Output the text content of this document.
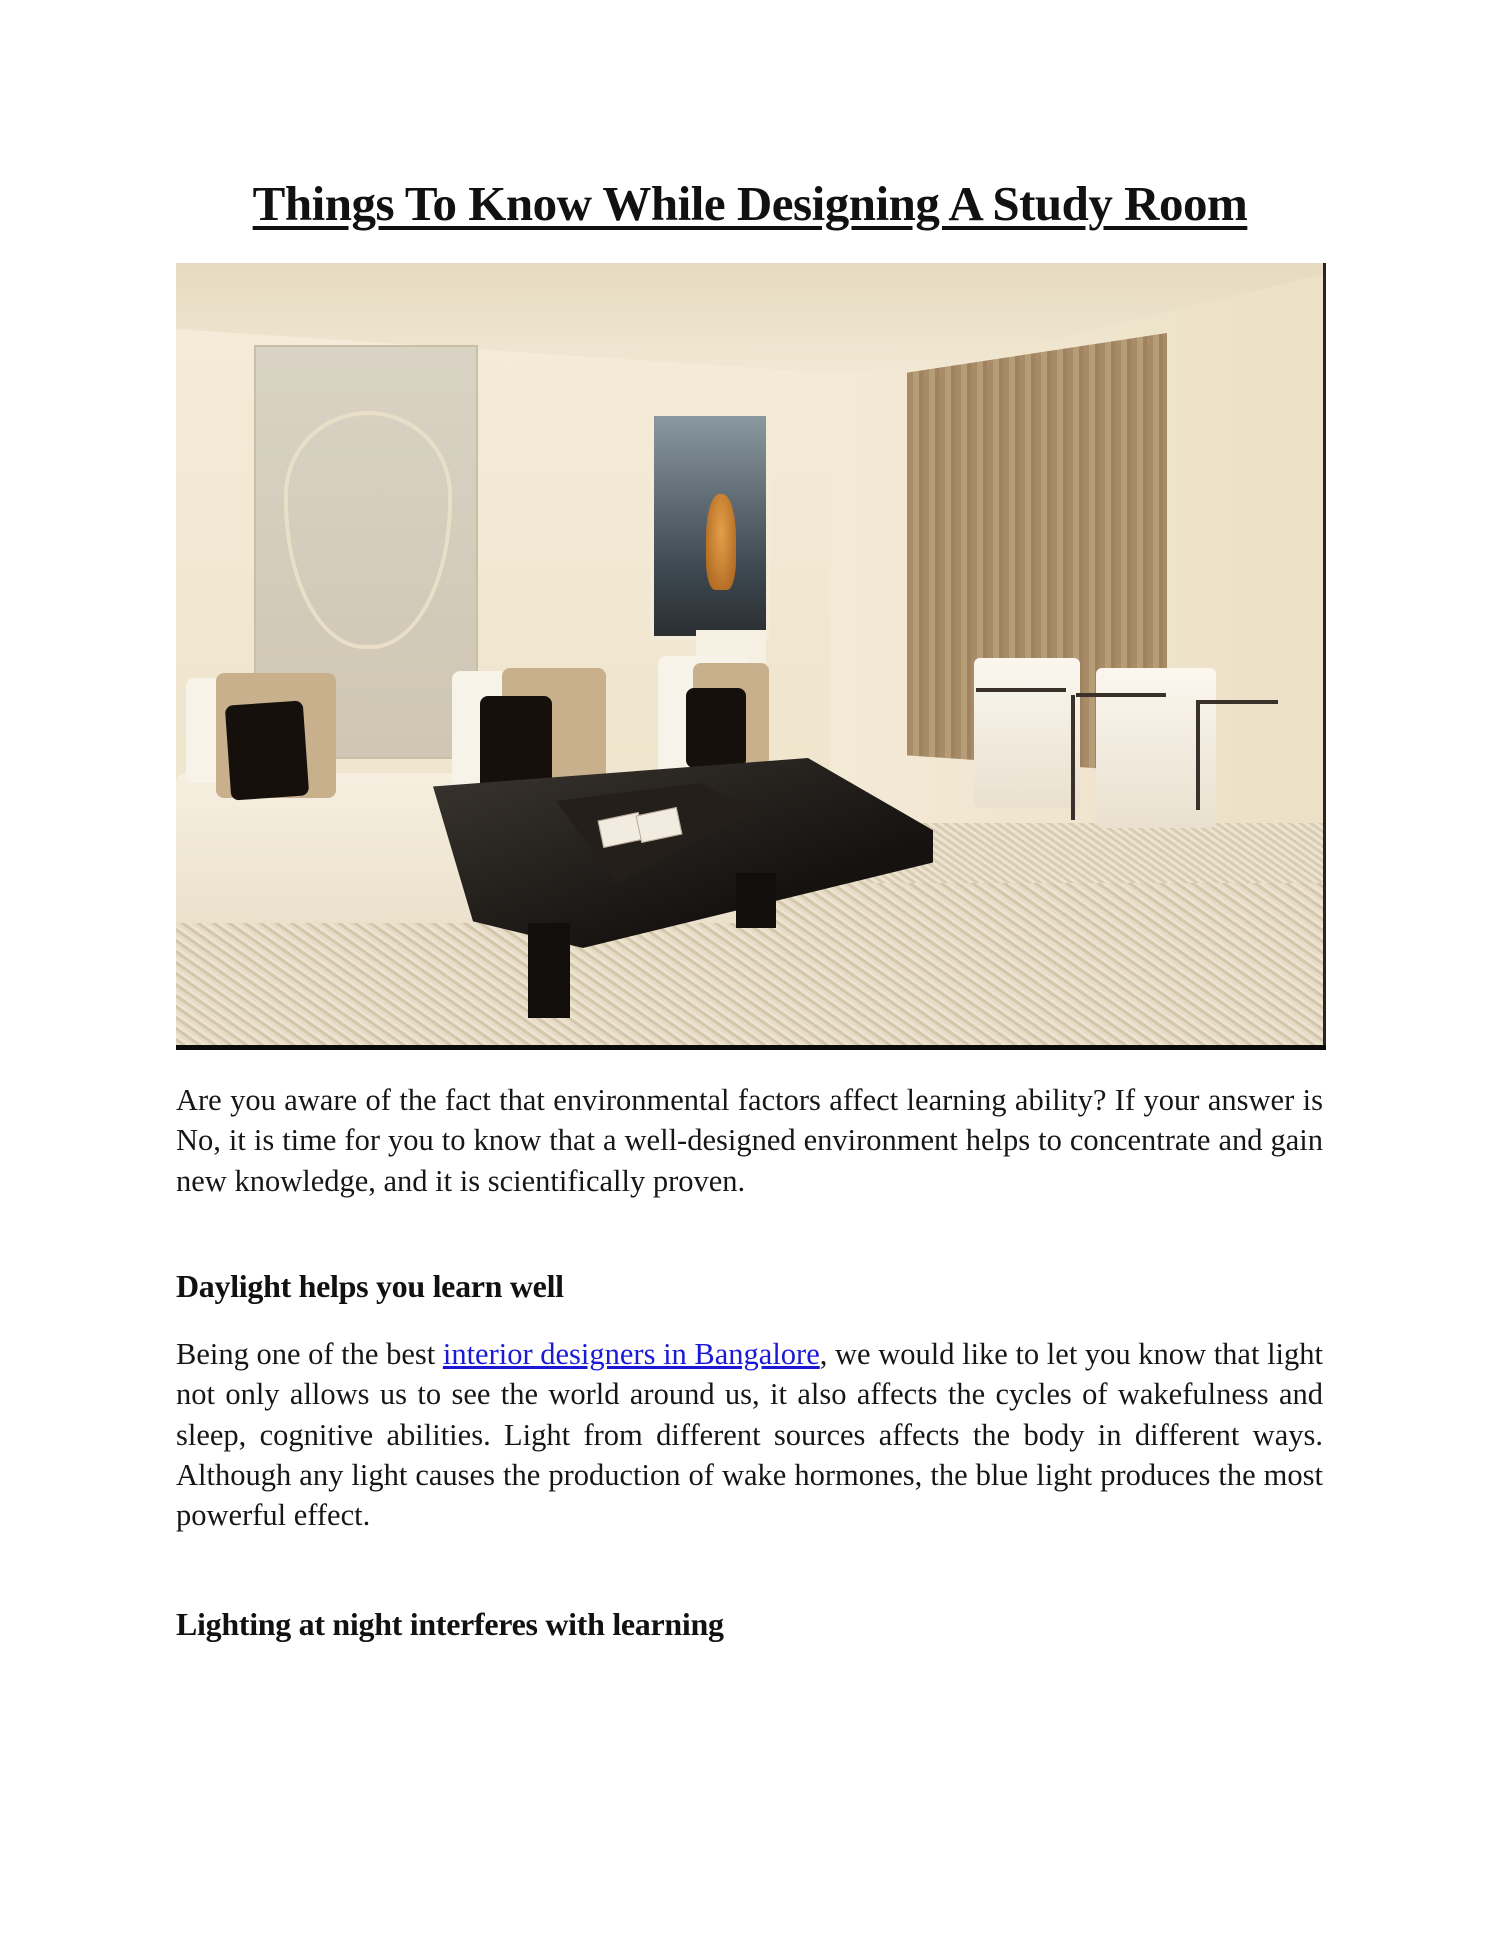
Things To Know While Designing A Study Room

Are you aware of the fact that environmental factors affect learning ability? If your answer is No, it is time for you to know that a well-designed environment helps to concentrate and gain new knowledge, and it is scientifically proven.

Daylight helps you learn well

Being one of the best interior designers in Bangalore, we would like to let you know that light not only allows us to see the world around us, it also affects the cycles of wakefulness and sleep, cognitive abilities. Light from different sources affects the body in different ways. Although any light causes the production of wake hormones, the blue light produces the most powerful effect.

Lighting at night interferes with learning
